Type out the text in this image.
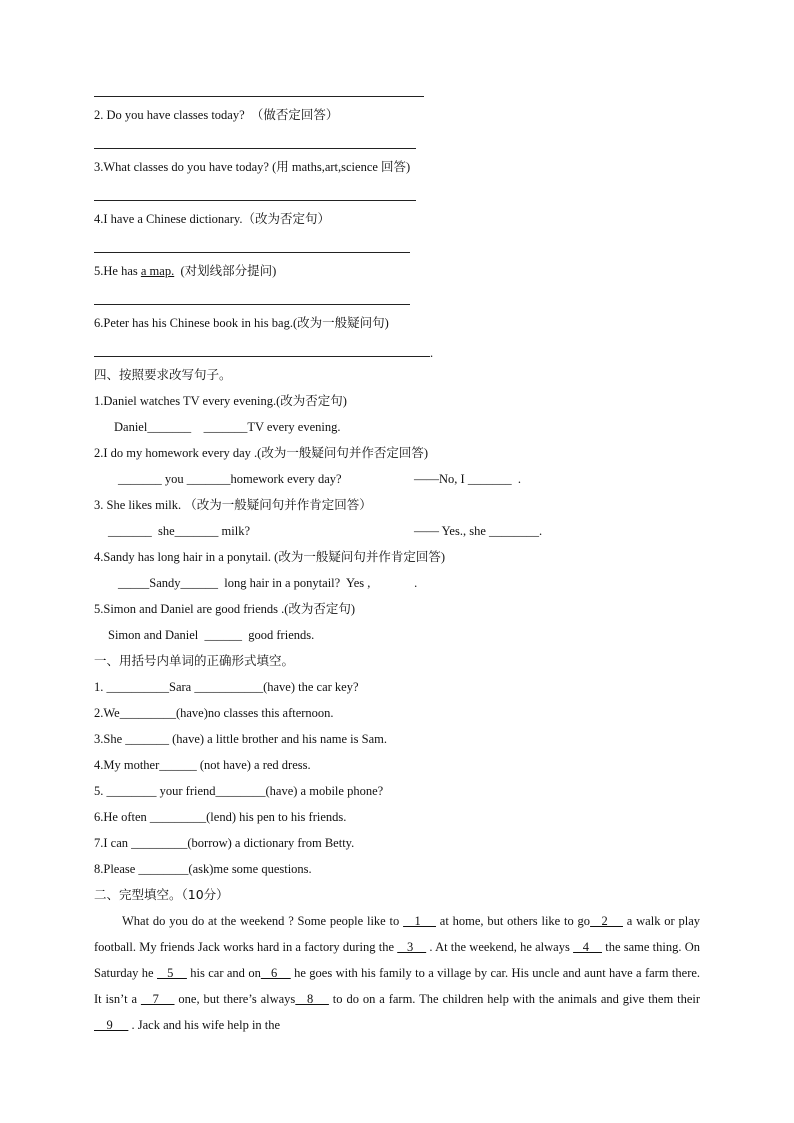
2. Do you have classes today?  （做否定回答）
3.What classes do you have today? (用 maths,art,science 回答)
4.I have a Chinese dictionary.（改为否定句）
5.He has a map.  (对划线部分提问)
6.Peter has his Chinese book in his bag.(改为一般疑问句)
.
四、按照要求改写句子。
1.Daniel watches TV every evening.(改为否定句)
Daniel_______    _______TV every evening.
2.I do my homework every day .(改为一般疑问句并作否定回答)
_______ you _______homework every day?	——No, I _______  .
3. She likes milk. （改为一般疑问句并作肯定回答）
_______  she_______ milk?	—— Yes., she ________.
4.Sandy has long hair in a ponytail. (改为一般疑问句并作肯定回答)
_____Sandy______  long hair in a ponytail?  Yes ,              .
5.Simon and Daniel are good friends .(改为否定句)
Simon and Daniel  ______  good friends.
一、用括号内单词的正确形式填空。
1. __________Sara ___________(have) the car key?
2.We_________(have)no classes this afternoon.
3.She _______ (have) a little brother and his name is Sam.
4.My mother______ (not have) a red dress.
5. ________ your friend________(have) a mobile phone?
6.He often _________(lend) his pen to his friends.
7.I can _________(borrow) a dictionary from Betty.
8.Please ________(ask)me some questions.
二、完型填空。（10分）
What do you do at the weekend ? Some people like to    1     at home, but others like to go   2     a walk or play football. My friends Jack works hard in a factory during the    3     . At the weekend, he always    4     the same thing. On Saturday he    5     his car and on   6     he goes with his family to a village by car. His uncle and aunt have a farm there. It isn’t a    7     one, but there’s always   8     to do on a farm. The children help with the animals and give them their    9      . Jack and his wife help in the
